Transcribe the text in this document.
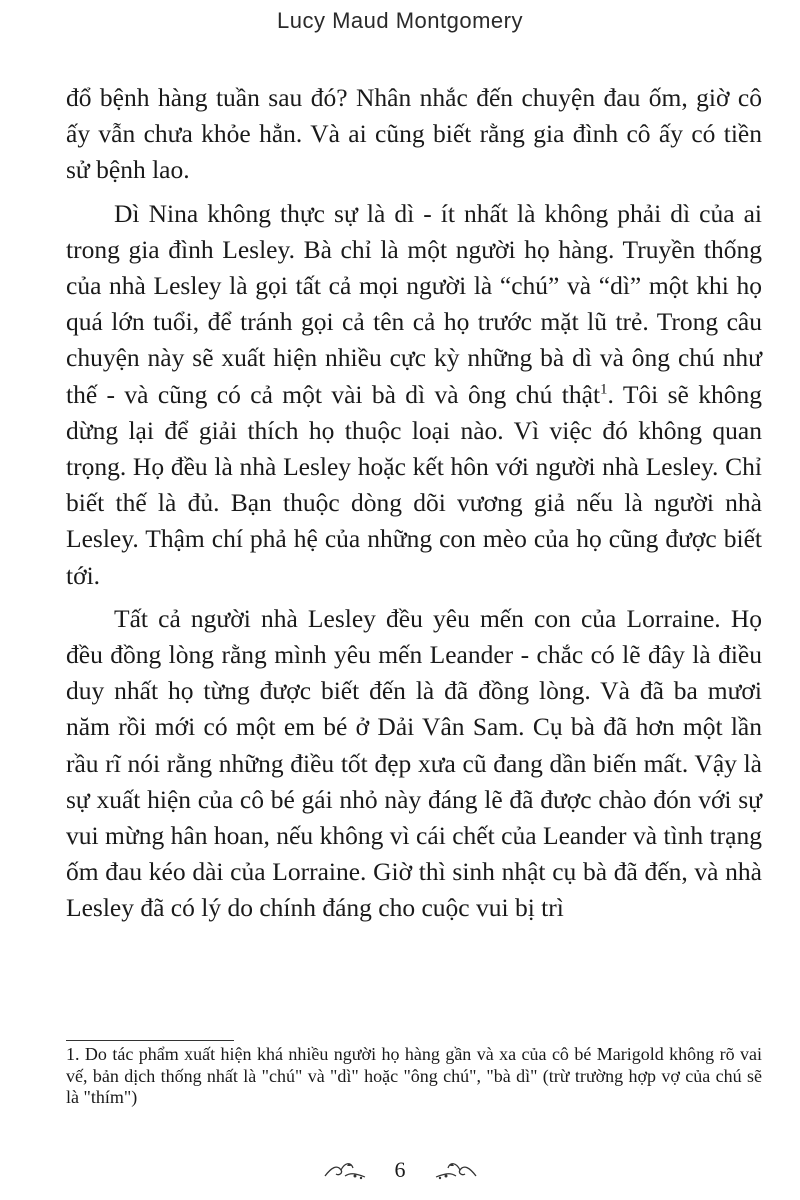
Lucy Maud Montgomery

đổ bệnh hàng tuần sau đó? Nhân nhắc đến chuyện đau ốm, giờ cô ấy vẫn chưa khỏe hẳn. Và ai cũng biết rằng gia đình cô ấy có tiền sử bệnh lao.

Dì Nina không thực sự là dì - ít nhất là không phải dì của ai trong gia đình Lesley. Bà chỉ là một người họ hàng. Truyền thống của nhà Lesley là gọi tất cả mọi người là “chú” và “dì” một khi họ quá lớn tuổi, để tránh gọi cả tên cả họ trước mặt lũ trẻ. Trong câu chuyện này sẽ xuất hiện nhiều cực kỳ những bà dì và ông chú như thế - và cũng có cả một vài bà dì và ông chú thật$^1$. Tôi sẽ không dừng lại để giải thích họ thuộc loại nào. Vì việc đó không quan trọng. Họ đều là nhà Lesley hoặc kết hôn với người nhà Lesley. Chỉ biết thế là đủ. Bạn thuộc dòng dõi vương giả nếu là người nhà Lesley. Thậm chí phả hệ của những con mèo của họ cũng được biết tới.

Tất cả người nhà Lesley đều yêu mến con của Lorraine. Họ đều đồng lòng rằng mình yêu mến Leander - chắc có lẽ đây là điều duy nhất họ từng được biết đến là đã đồng lòng. Và đã ba mươi năm rồi mới có một em bé ở Dải Vân Sam. Cụ bà đã hơn một lần rầu rĩ nói rằng những điều tốt đẹp xưa cũ đang dần biến mất. Vậy là sự xuất hiện của cô bé gái nhỏ này đáng lẽ đã được chào đón với sự vui mừng hân hoan, nếu không vì cái chết của Leander và tình trạng ốm đau kéo dài của Lorraine. Giờ thì sinh nhật cụ bà đã đến, và nhà Lesley đã có lý do chính đáng cho cuộc vui bị trì

1. Do tác phẩm xuất hiện khá nhiều người họ hàng gần và xa của cô bé Marigold không rõ vai vế, bản dịch thống nhất là "chú" và "dì" hoặc "ông chú", "bà dì" (trừ trường hợp vợ của chú sẽ là "thím")
6
